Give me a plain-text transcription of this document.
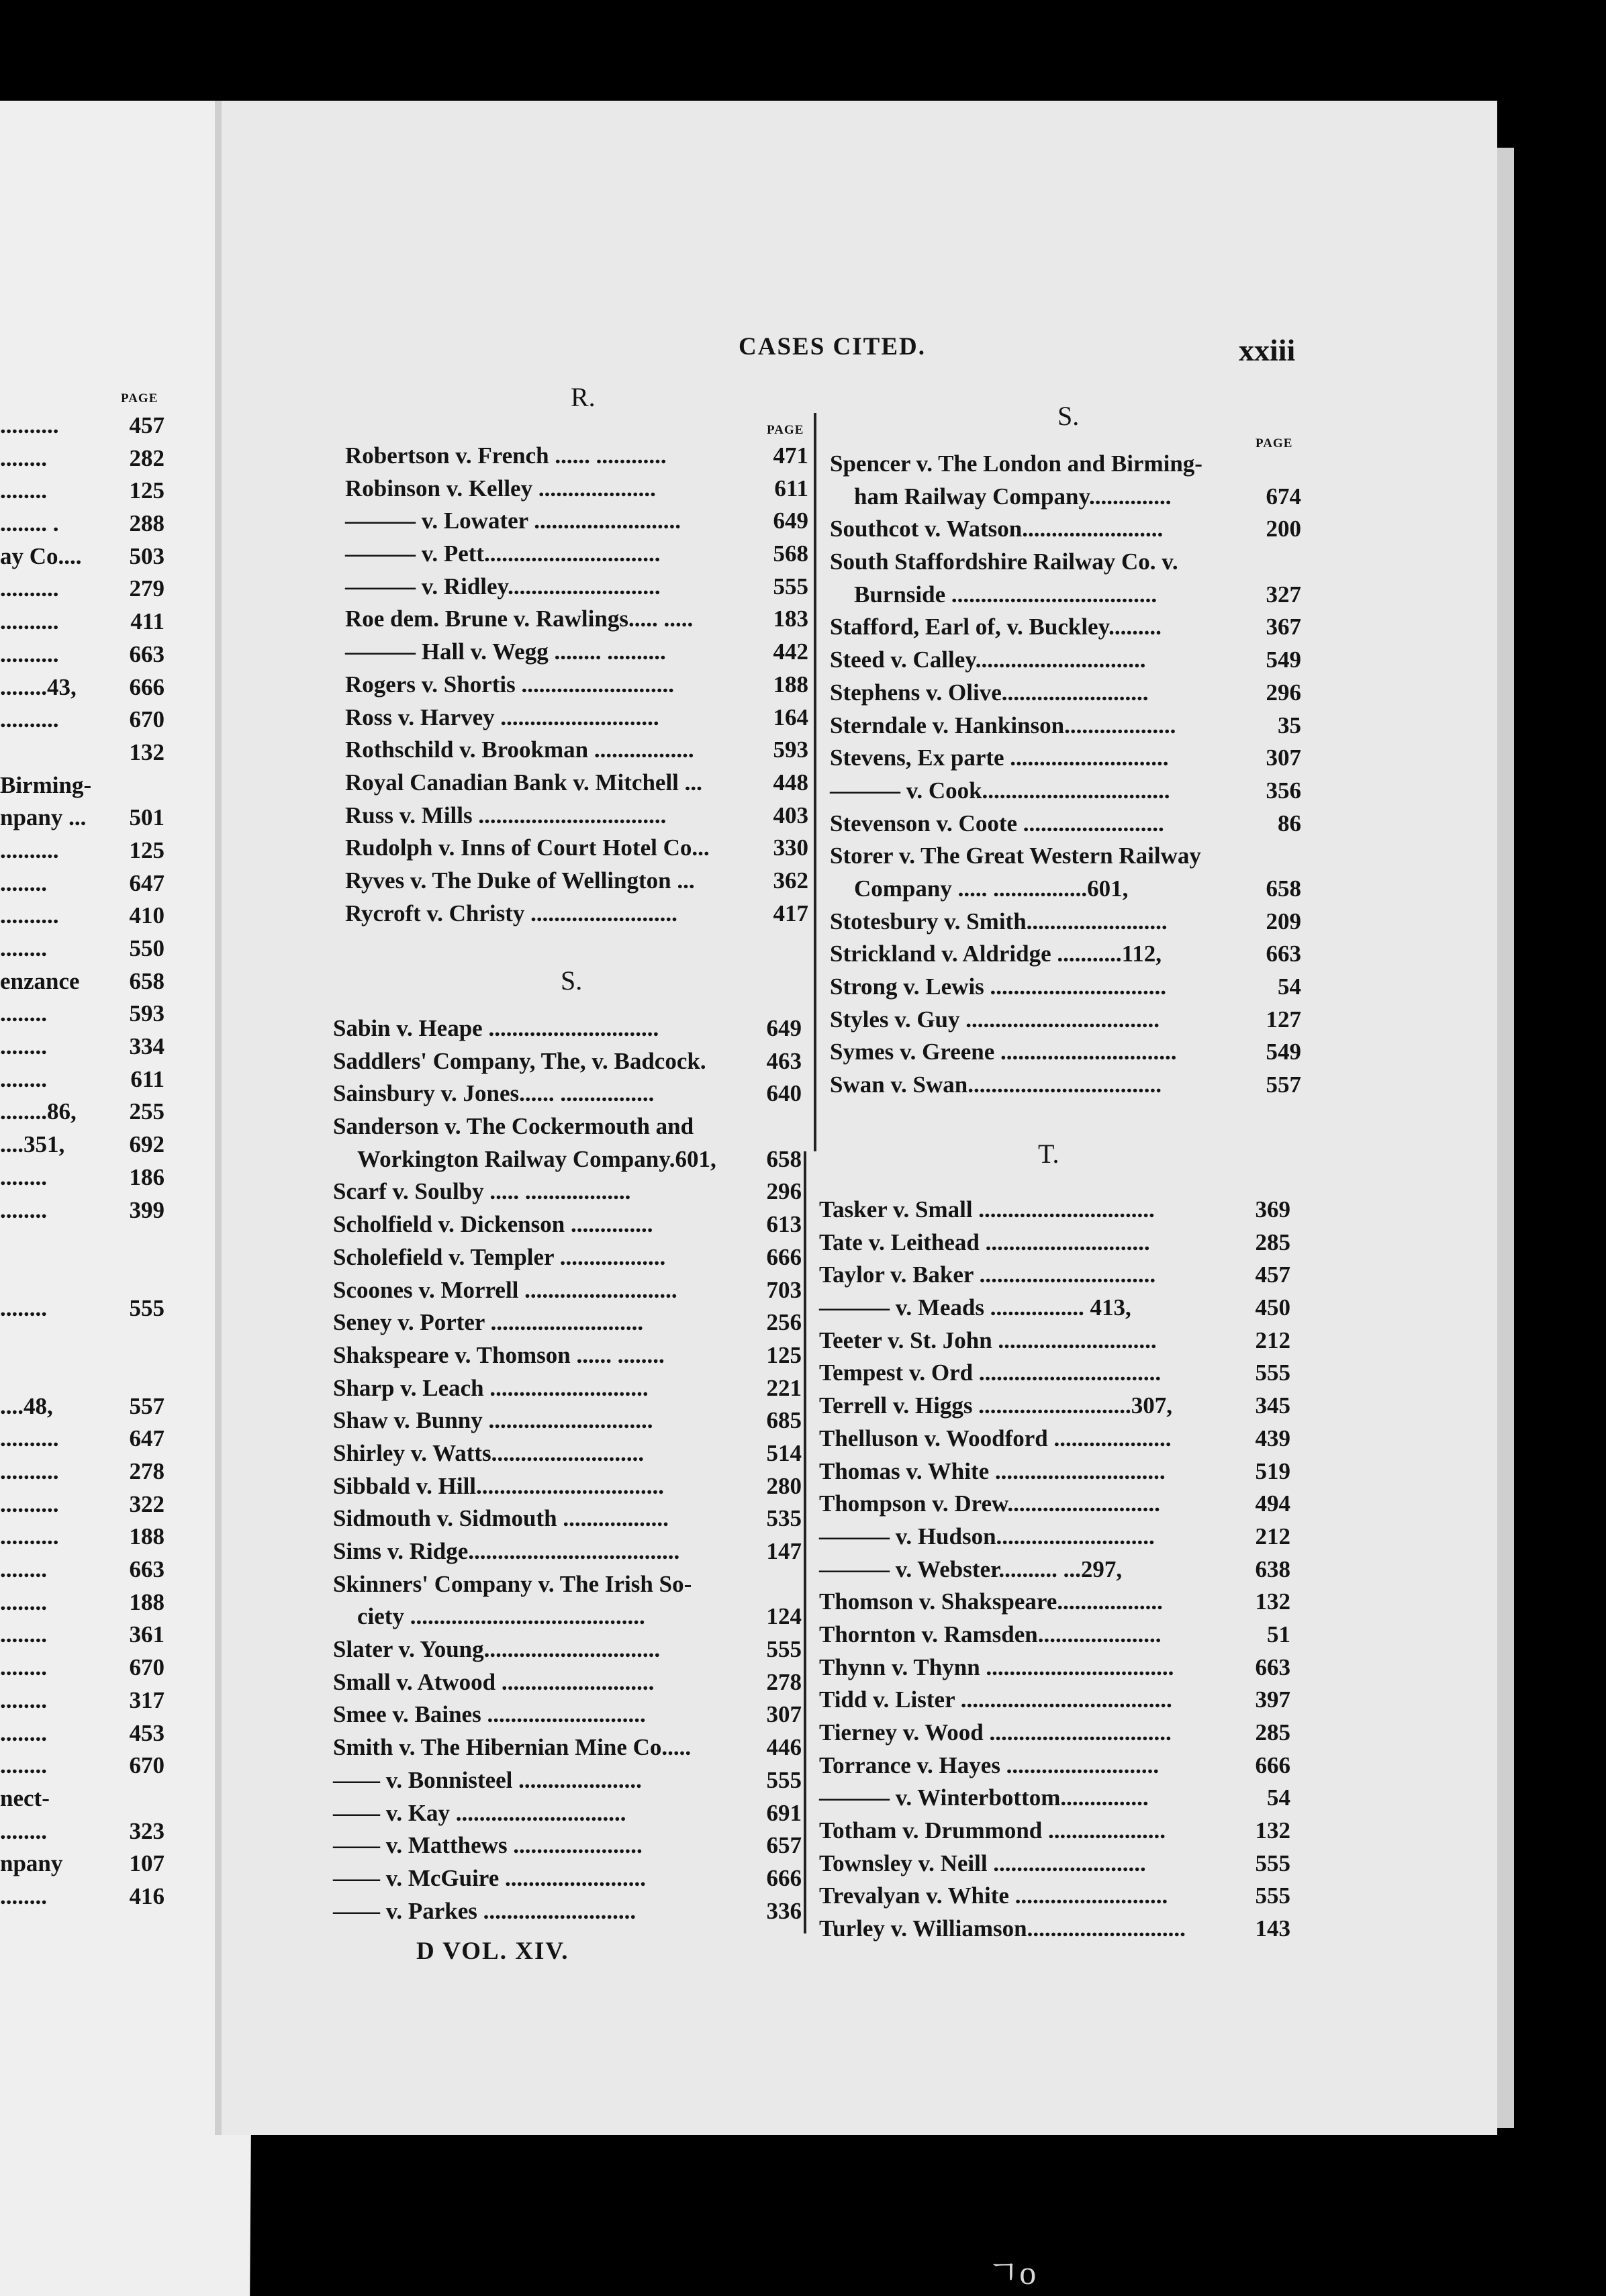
CASES CITED.	xxiii
PAGE
..........	457
........	282
........	125
........ .	288
ay Co.... 503
..........	279
..........	411
..........	663
........43, 666
..........	670
132
Birming-
npany ... 501
..........	125
........	647
..........	410
........	550
enzance 658
........	593
........	334
........	611
........86, 255
....351,	692
........	186
........	399
........	555
....48,	557
..........	647
..........	278
..........	322
..........	188
........	663
........	188
........	361
........	670
........	317
........	453
........	670
nect-
........	323
npany	107
........	416
R.
PAGE
Robertson v. French ...... ............	471
Robinson v. Kelley ....................	611
——— v. Lowater .........................	649
——— v. Pett..............................	568
——— v. Ridley..........................	555
Roe dem. Brune v. Rawlings..... .....	183
——— Hall v. Wegg ........ ..........	442
Rogers v. Shortis ..........................	188
Ross v. Harvey ...........................	164
Rothschild v. Brookman .................	593
Royal Canadian Bank v. Mitchell ...	448
Russ v. Mills ................................	403
Rudolph v. Inns of Court Hotel Co...	330
Ryves v. The Duke of Wellington ...	362
Rycroft v. Christy .........................	417
S.
Sabin v. Heape .............................	649
Saddlers' Company, The, v. Badcock.	463
Sainsbury v. Jones...... ................	640
Sanderson v. The Cockermouth and
Workington Railway Company.601, 658
Scarf v. Soulby ..... ..................	296
Scholfield v. Dickenson ..............	613
Scholefield v. Templer ..................	666
Scoones v. Morrell ..........................	703
Seney v. Porter ..........................	256
Shakspeare v. Thomson ...... ........	125
Sharp v. Leach ...........................	221
Shaw v. Bunny ............................	685
Shirley v. Watts..........................	514
Sibbald v. Hill................................	280
Sidmouth v. Sidmouth ..................	535
Sims v. Ridge....................................	147
Skinners' Company v. The Irish So-
ciety ........................................	124
Slater v. Young..............................	555
Small v. Atwood ..........................	278
Smee v. Baines ...........................	307
Smith v. The Hibernian Mine Co.....	446
—— v. Bonnisteel .....................	555
—— v. Kay .............................	691
—— v. Matthews ......................	657
—— v. McGuire ........................	666
—— v. Parkes ..........................	336
D VOL. XIV.
S.
PAGE
Spencer v. The London and Birming-
ham Railway Company..............	674
Southcot v. Watson........................	200
South Staffordshire Railway Co. v.
Burnside ...................................	327
Stafford, Earl of, v. Buckley.........	367
Steed v. Calley.............................	549
Stephens v. Olive.........................	296
Sterndale v. Hankinson...................	35
Stevens, Ex parte ...........................	307
——— v. Cook................................	356
Stevenson v. Coote ........................	86
Storer v. The Great Western Railway
Company ..... ................601,	658
Stotesbury v. Smith........................	209
Strickland v. Aldridge ...........112,	663
Strong v. Lewis ..............................	54
Styles v. Guy .................................	127
Symes v. Greene ..............................	549
Swan v. Swan.................................	557
T.
Tasker v. Small ..............................	369
Tate v. Leithead ............................	285
Taylor v. Baker ..............................	457
——— v. Meads ................ 413,	450
Teeter v. St. John ...........................	212
Tempest v. Ord ...............................	555
Terrell v. Higgs ..........................307,	345
Thelluson v. Woodford ....................	439
Thomas v. White .............................	519
Thompson v. Drew..........................	494
——— v. Hudson...........................	212
——— v. Webster.......... ...297,	638
Thomson v. Shakspeare..................	132
Thornton v. Ramsden.....................	51
Thynn v. Thynn ................................	663
Tidd v. Lister ....................................	397
Tierney v. Wood ...............................	285
Torrance v. Hayes ..........................	666
——— v. Winterbottom...............	54
Totham v. Drummond ....................	132
Townsley v. Neill ..........................	555
Trevalyan v. White ..........................	555
Turley v. Williamson...........................	143
ㄱo
